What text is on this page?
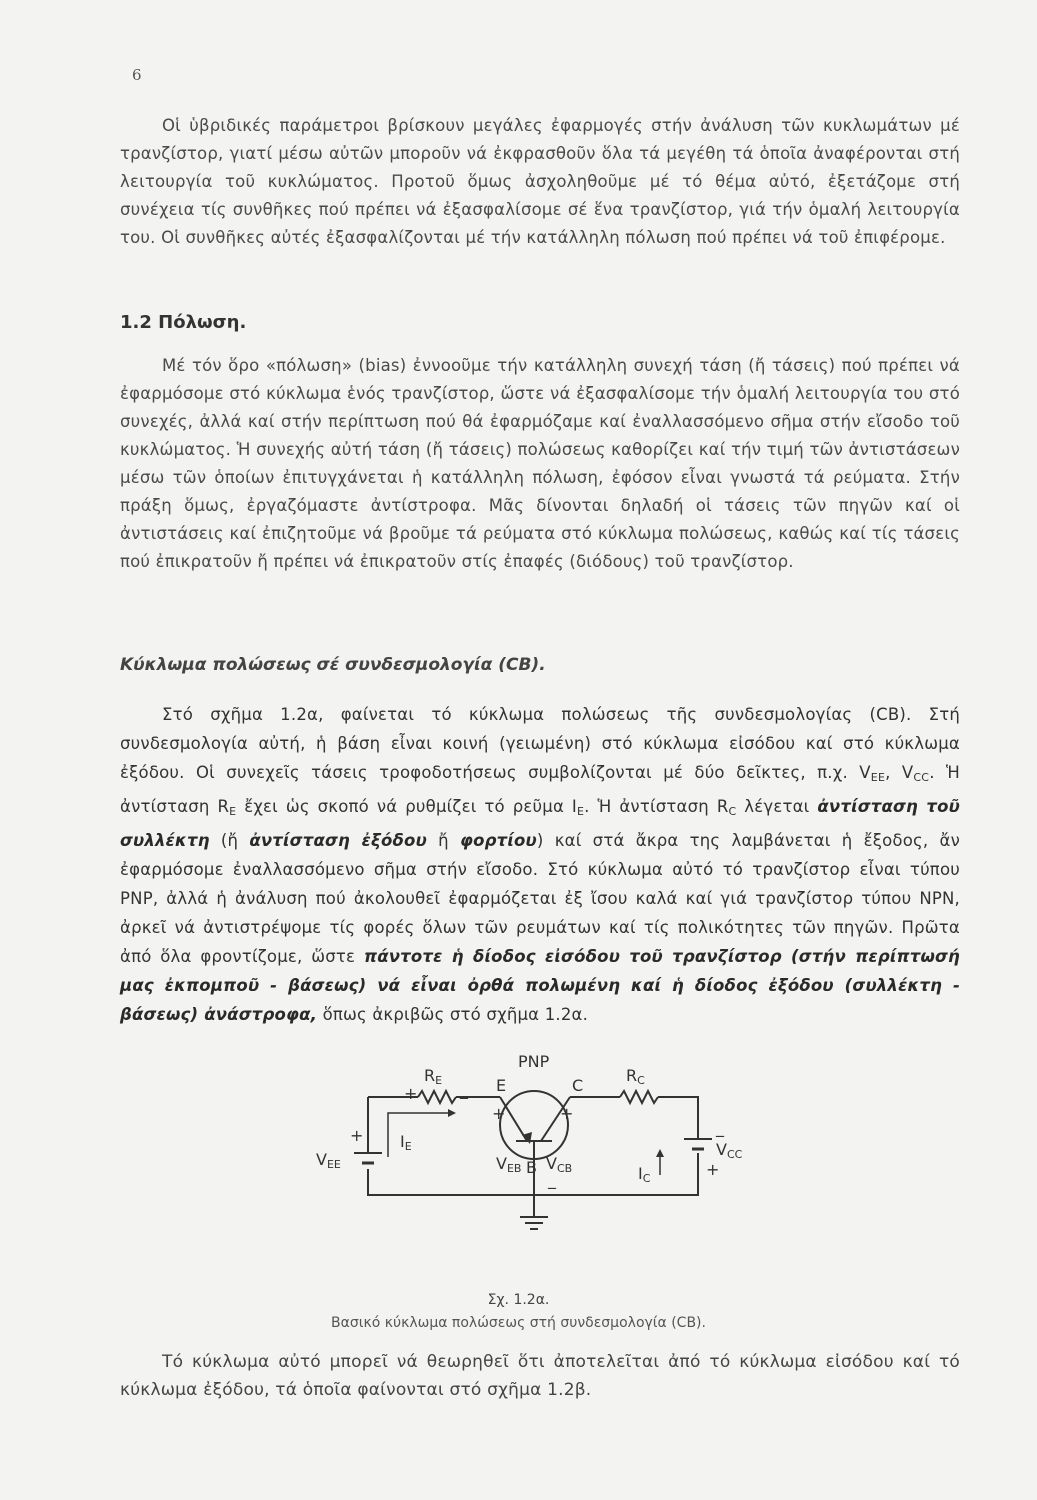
6
Οἱ ὑβριδικές παράμετροι βρίσκουν μεγάλες ἐφαρμογές στήν ἀνάλυση τῶν κυκλωμάτων μέ τρανζίστορ, γιατί μέσω αὐτῶν μποροῦν νά ἐκφρασθοῦν ὅλα τά μεγέθη τά ὁποῖα ἀναφέρονται στή λειτουργία τοῦ κυκλώματος. Προτοῦ ὅμως ἀσχοληθοῦμε μέ τό θέμα αὐτό, ἐξετάζομε στή συνέχεια τίς συνθῆκες πού πρέπει νά ἐξασφαλίσομε σέ ἕνα τρανζίστορ, γιά τήν ὁμαλή λειτουργία του. Οἱ συνθῆκες αὐτές ἐξασφαλίζονται μέ τήν κατάλληλη πόλωση πού πρέπει νά τοῦ ἐπιφέρομε.
1.2 Πόλωση.
Μέ τόν ὅρο «πόλωση» (bias) ἐννοοῦμε τήν κατάλληλη συνεχή τάση (ἤ τάσεις) πού πρέπει νά ἐφαρμόσομε στό κύκλωμα ἑνός τρανζίστορ, ὥστε νά ἐξασφαλίσομε τήν ὁμαλή λειτουργία του στό συνεχές, ἀλλά καί στήν περίπτωση πού θά ἐφαρμόζαμε καί ἐναλλασσόμενο σῆμα στήν εἴσοδο τοῦ κυκλώματος. Ἡ συνεχής αὐτή τάση (ἤ τάσεις) πολώσεως καθορίζει καί τήν τιμή τῶν ἀντιστάσεων μέσω τῶν ὁποίων ἐπιτυγχάνεται ἡ κατάλληλη πόλωση, ἐφόσον εἶναι γνωστά τά ρεύματα. Στήν πράξη ὅμως, ἐργαζόμαστε ἀντίστροφα. Μᾶς δίνονται δηλαδή οἱ τάσεις τῶν πηγῶν καί οἱ ἀντιστάσεις καί ἐπιζητοῦμε νά βροῦμε τά ρεύματα στό κύκλωμα πολώσεως, καθώς καί τίς τάσεις πού ἐπικρατοῦν ἤ πρέπει νά ἐπικρατοῦν στίς ἐπαφές (διόδους) τοῦ τρανζίστορ.
Κύκλωμα πολώσεως σέ συνδεσμολογία (CB).
Στό σχῆμα 1.2α, φαίνεται τό κύκλωμα πολώσεως τῆς συνδεσμολογίας (CB). Στή συνδεσμολογία αὐτή, ἡ βάση εἶναι κοινή (γειωμένη) στό κύκλωμα εἰσόδου καί στό κύκλωμα ἐξόδου. Οἱ συνεχεῖς τάσεις τροφοδοτήσεως συμβολίζονται μέ δύο δεῖκτες, π.χ. $V_{EE}$, $V_{CC}$. Ἡ ἀντίσταση $R_E$ ἔχει ὡς σκοπό νά ρυθμίζει τό ρεῦμα $I_E$. Ἡ ἀντίσταση $R_C$ λέγεται ἀντίσταση τοῦ συλλέκτη (ἤ ἀντίσταση ἐξόδου ἤ φορτίου) καί στά ἄκρα της λαμβάνεται ἡ ἔξοδος, ἄν ἐφαρμόσομε ἐναλλασσόμενο σῆμα στήν εἴσοδο. Στό κύκλωμα αὐτό τό τρανζίστορ εἶναι τύπου PNP, ἀλλά ἡ ἀνάλυση πού ἀκολουθεῖ ἐφαρμόζεται ἐξ ἴσου καλά καί γιά τρανζίστορ τύπου NPN, ἀρκεῖ νά ἀντιστρέψομε τίς φορές ὅλων τῶν ρευμάτων καί τίς πολικότητες τῶν πηγῶν. Πρῶτα ἀπό ὅλα φροντίζομε, ὥστε πάντοτε ἡ δίοδος εἰσόδου τοῦ τρανζίστορ (στήν περίπτωσή μας ἐκπομποῦ - βάσεως) νά εἶναι ὀρθά πολωμένη καί ἡ δίοδος ἐξόδου (συλλέκτη - βάσεως) ἀνάστροφα, ὅπως ἀκριβῶς στό σχῆμα 1.2α.
PNP
RE	RC
E	C
B
+	_
+	+
+	_
+
_
IE
VEE	VEB VCB
VCC
IC
Σχ. 1.2α.
Βασικό κύκλωμα πολώσεως στή συνδεσμολογία (CB).
Τό κύκλωμα αὐτό μπορεῖ νά θεωρηθεῖ ὅτι ἀποτελεῖται ἀπό τό κύκλωμα εἰσόδου καί τό κύκλωμα ἐξόδου, τά ὁποῖα φαίνονται στό σχῆμα 1.2β.
